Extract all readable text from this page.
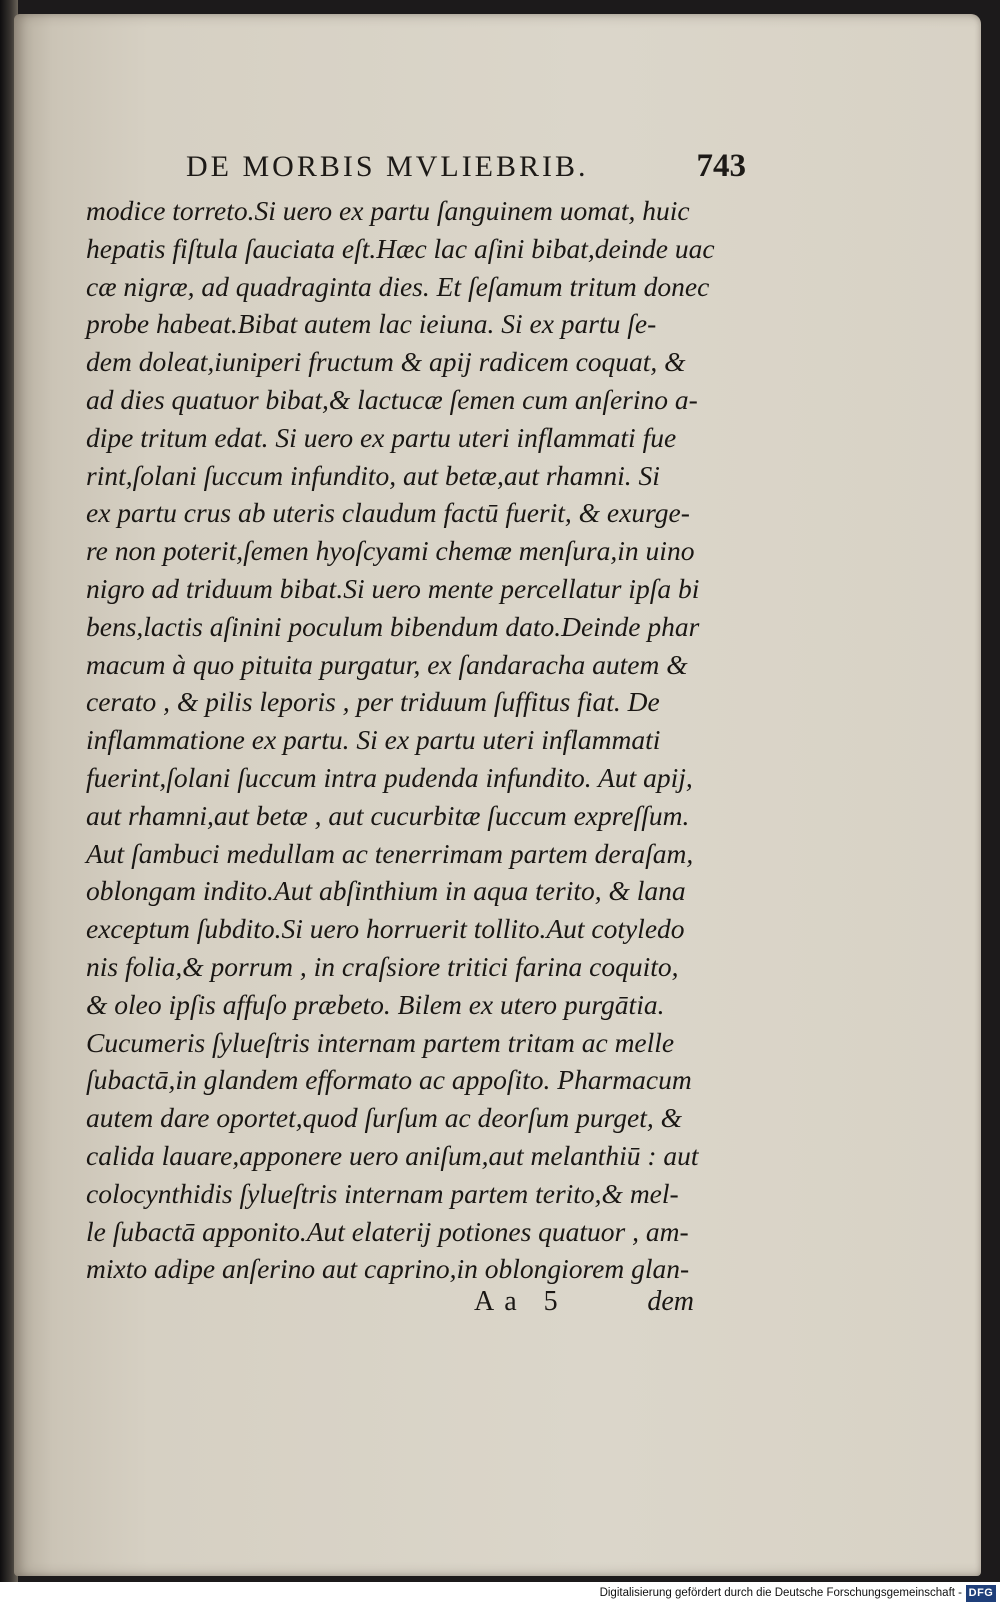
DE MORBIS MVLIEBRIB.	743
modice torreto.Si uero ex partu ſanguinem uomat, huic
hepatis fiſtula ſauciata eſt.Hæc lac aſini bibat,deinde uac
cæ nigræ, ad quadraginta dies. Et ſeſamum tritum donec
probe habeat.Bibat autem lac ieiuna. Si ex partu ſe-
dem doleat,iuniperi fructum & apij radicem coquat, &
ad dies quatuor bibat,& lactucæ ſemen cum anſerino a-
dipe tritum edat. Si uero ex partu uteri inflammati fue
rint,ſolani ſuccum infundito, aut betæ,aut rhamni. Si
ex partu crus ab uteris claudum factū fuerit, & exurge-
re non poterit,ſemen hyoſcyami chemæ menſura,in uino
nigro ad triduum bibat.Si uero mente percellatur ipſa bi
bens,lactis aſinini poculum bibendum dato.Deinde phar
macum à quo pituita purgatur, ex ſandaracha autem &
cerato , & pilis leporis , per triduum ſuffitus fiat. De
inflammatione ex partu. Si ex partu uteri inflammati
fuerint,ſolani ſuccum intra pudenda infundito. Aut apij,
aut rhamni,aut betæ , aut cucurbitæ ſuccum expreſſum.
Aut ſambuci medullam ac tenerrimam partem deraſam,
oblongam indito.Aut abſinthium in aqua terito, & lana
exceptum ſubdito.Si uero horruerit tollito.Aut cotyledo
nis folia,& porrum , in craſsiore tritici farina coquito,
& oleo ipſis affuſo præbeto. Bilem ex utero purgātia.
Cucumeris ſylueſtris internam partem tritam ac melle
ſubactā,in glandem efformato ac appoſito. Pharmacum
autem dare oportet,quod ſurſum ac deorſum purget, &
calida lauare,apponere uero aniſum,aut melanthiū : aut
colocynthidis ſylueſtris internam partem terito,& mel-
le ſubactā apponito.Aut elaterij potiones quatuor , am-
mixto adipe anſerino aut caprino,in oblongiorem glan-
Aa 5	dem
Digitalisierung gefördert durch die Deutsche Forschungsgemeinschaft - DFG
